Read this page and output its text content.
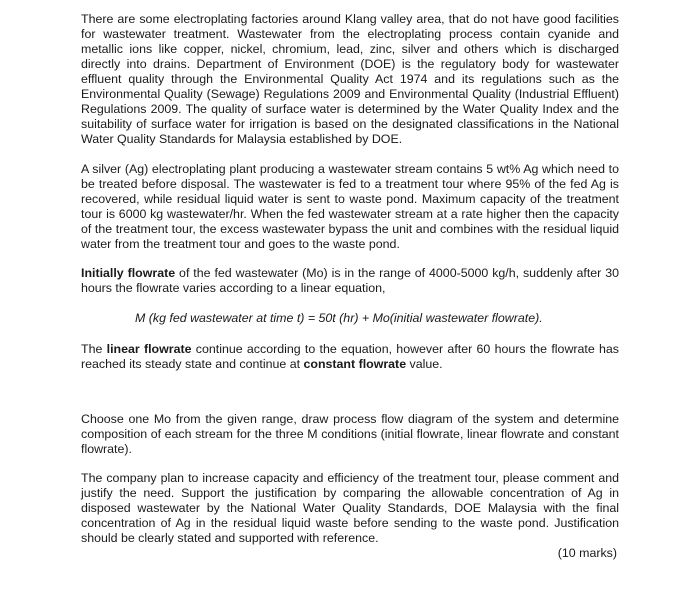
There are some electroplating factories around Klang valley area, that do not have good facilities for wastewater treatment. Wastewater from the electroplating process contain cyanide and metallic ions like copper, nickel, chromium, lead, zinc, silver and others which is discharged directly into drains. Department of Environment (DOE) is the regulatory body for wastewater effluent quality through the Environmental Quality Act 1974 and its regulations such as the Environmental Quality (Sewage) Regulations 2009 and Environmental Quality (Industrial Effluent) Regulations 2009. The quality of surface water is determined by the Water Quality Index and the suitability of surface water for irrigation is based on the designated classifications in the National Water Quality Standards for Malaysia established by DOE.

A silver (Ag) electroplating plant producing a wastewater stream contains 5 wt% Ag which need to be treated before disposal. The wastewater is fed to a treatment tour where 95% of the fed Ag is recovered, while residual liquid water is sent to waste pond. Maximum capacity of the treatment tour is 6000 kg wastewater/hr. When the fed wastewater stream at a rate higher then the capacity of the treatment tour, the excess wastewater bypass the unit and combines with the residual liquid water from the treatment tour and goes to the waste pond.

Initially flowrate of the fed wastewater (Mo) is in the range of 4000-5000 kg/h, suddenly after 30 hours the flowrate varies according to a linear equation,

M (kg fed wastewater at time t) = 50t (hr) + Mo(initial wastewater flowrate).

The linear flowrate continue according to the equation, however after 60 hours the flowrate has reached its steady state and continue at constant flowrate value.

Choose one Mo from the given range, draw process flow diagram of the system and determine composition of each stream for the three M conditions (initial flowrate, linear flowrate and constant flowrate).

The company plan to increase capacity and efficiency of the treatment tour, please comment and justify the need. Support the justification by comparing the allowable concentration of Ag in disposed wastewater by the National Water Quality Standards, DOE Malaysia with the final concentration of Ag in the residual liquid waste before sending to the waste pond. Justification should be clearly stated and supported with reference.

(10 marks)
